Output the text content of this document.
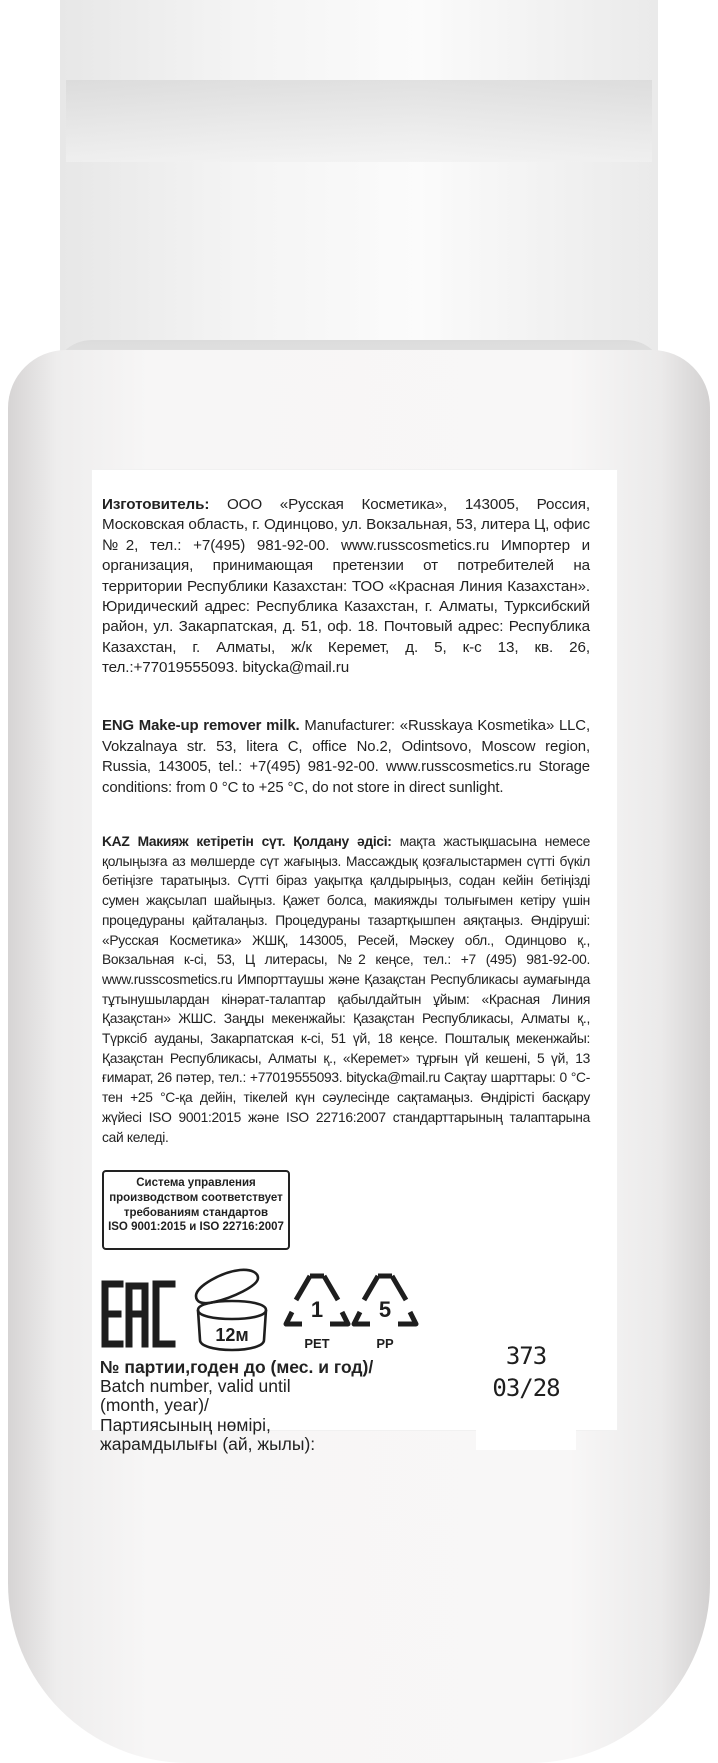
Изготовитель: ООО «Русская Косметика», 143005, Россия, Московская область, г. Одинцово, ул. Вокзальная, 53, литера Ц, офис №2, тел.: +7(495) 981-92-00. www.russcosmetics.ru Импортер и организация, принимающая претензии от потребителей на территории Республики Казахстан: ТОО «Красная Линия Казахстан». Юридический адрес: Республика Казахстан, г. Алматы, Турксибский район, ул. Закарпатская, д. 51, оф. 18. Почтовый адрес: Республика Казахстан, г. Алматы, ж/к Керемет, д. 5, к-с 13, кв. 26, тел.:+77019555093. bitycka@mail.ru
ENG Make-up remover milk. Manufacturer: «Russkaya Kosmetika» LLC, Vokzalnaya str. 53, litera C, office No.2, Odintsovo, Moscow region, Russia, 143005, tel.: +7(495) 981-92-00. www.russcosmetics.ru Storage conditions: from 0 °C to +25 °C, do not store in direct sunlight.
KAZ Макияж кетіретін сүт. Қолдану әдісі: мақта жастықшасына немесе қолыңызға аз мөлшерде сүт жағыңыз. Массаждық қозғалыстармен сүтті бүкіл бетіңізге таратыңыз. Сүтті біраз уақытқа қалдырыңыз, содан кейін бетіңізді сумен жақсылап шайыңыз. Қажет болса, макияжды толығымен кетіру үшін процедураны қайталаңыз. Процедураны тазартқышпен аяқтаңыз. Өндіруші: «Русская Косметика» ЖШҚ, 143005, Ресей, Мәскеу обл., Одинцово қ., Вокзальная к-сі, 53, Ц литерасы, №2 кеңсе, тел.: +7 (495) 981-92-00. www.russcosmetics.ru Импорттаушы және Қазақстан Республикасы аумағында тұтынушылардан кінәрат-талаптар қабылдайтын ұйым: «Красная Линия Қазақстан» ЖШС. Заңды мекенжайы: Қазақстан Республикасы, Алматы қ., Түрксіб ауданы, Закарпатская к-сі, 51 үй, 18 кеңсе. Пошталық мекенжайы: Қазақстан Республикасы, Алматы қ., «Керемет» тұрғын үй кешені, 5 үй, 13 ғимарат, 26 пәтер, тел.: +77019555093. bitycka@mail.ru Сақтау шарттары: 0 °С-тен +25 °С-қа дейін, тікелей күн сәулесінде сақтамаңыз. Өндірісті басқару жүйесі ISO 9001:2015 және ISO 22716:2007 стандарттарының талаптарына сай келеді.
Система управления
производством соответствует
требованиям стандартов
ISO 9001:2015 и ISO 22716:2007
12м
1
PET
5
PP
№ партии,годен до (мес. и год)/
Batch number, valid until
(month, year)/
Партиясының нөмірі,
жарамдылығы (ай, жылы):
373
03/28
